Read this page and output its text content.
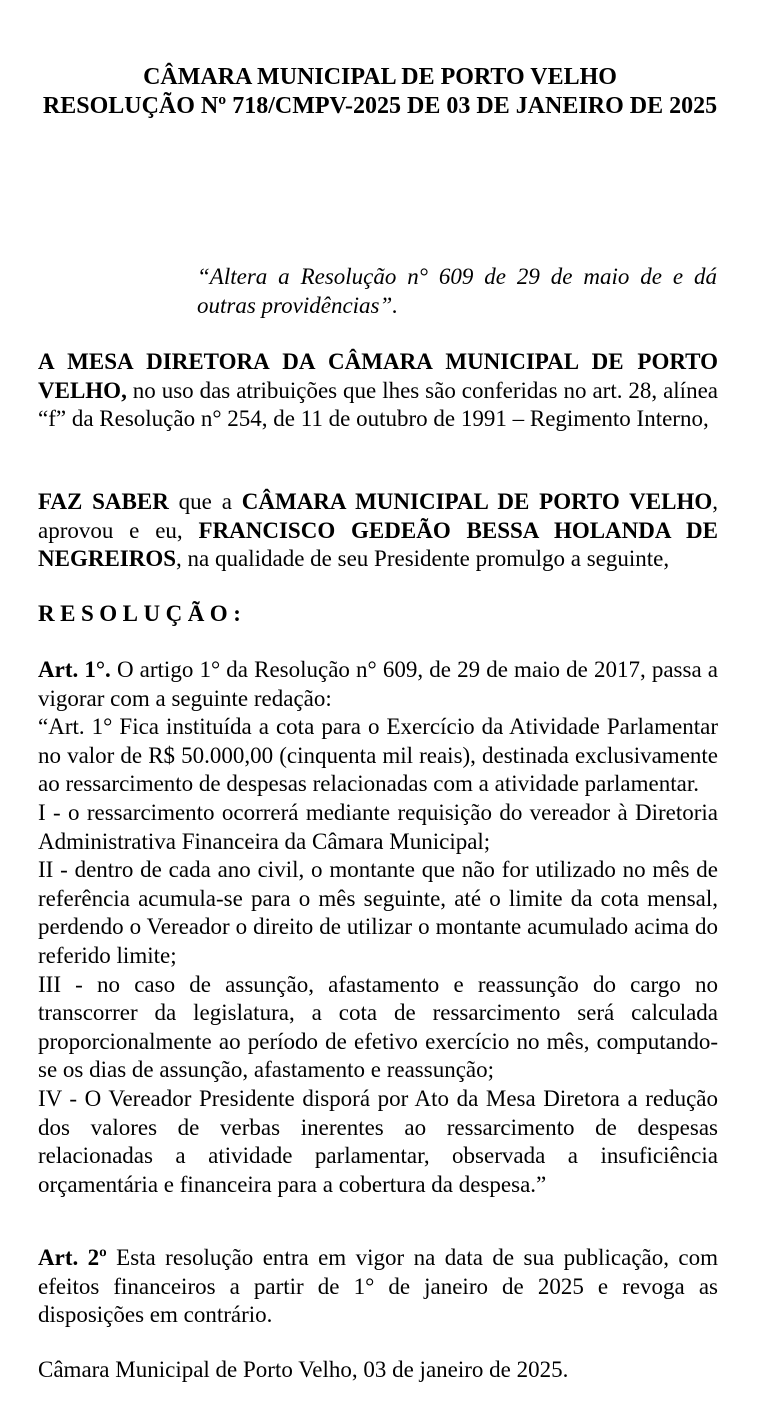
CÂMARA MUNICIPAL DE PORTO VELHO
RESOLUÇÃO Nº 718/CMPV-2025 DE 03 DE JANEIRO DE 2025
“Altera a Resolução n° 609 de 29 de maio de e dá outras providências”.
A MESA DIRETORA DA CÂMARA MUNICIPAL DE PORTO VELHO, no uso das atribuições que lhes são conferidas no art. 28, alínea “f” da Resolução n° 254, de 11 de outubro de 1991 – Regimento Interno,
FAZ SABER que a CÂMARA MUNICIPAL DE PORTO VELHO, aprovou e eu, FRANCISCO GEDEÃO BESSA HOLANDA DE NEGREIROS, na qualidade de seu Presidente promulgo a seguinte,
RESOLUÇÃO:
Art. 1°. O artigo 1° da Resolução n° 609, de 29 de maio de 2017, passa a vigorar com a seguinte redação:
“Art. 1° Fica instituída a cota para o Exercício da Atividade Parlamentar no valor de R$ 50.000,00 (cinquenta mil reais), destinada exclusivamente ao ressarcimento de despesas relacionadas com a atividade parlamentar.
I - o ressarcimento ocorrerá mediante requisição do vereador à Diretoria Administrativa Financeira da Câmara Municipal;
II - dentro de cada ano civil, o montante que não for utilizado no mês de referência acumula-se para o mês seguinte, até o limite da cota mensal, perdendo o Vereador o direito de utilizar o montante acumulado acima do referido limite;
III - no caso de assunção, afastamento e reassunção do cargo no transcorrer da legislatura, a cota de ressarcimento será calculada proporcionalmente ao período de efetivo exercício no mês, computando-se os dias de assunção, afastamento e reassunção;
IV - O Vereador Presidente disporá por Ato da Mesa Diretora a redução dos valores de verbas inerentes ao ressarcimento de despesas relacionadas a atividade parlamentar, observada a insuficiência orçamentária e financeira para a cobertura da despesa.”
Art. 2º Esta resolução entra em vigor na data de sua publicação, com efeitos financeiros a partir de 1° de janeiro de 2025 e revoga as disposições em contrário.
Câmara Municipal de Porto Velho, 03 de janeiro de 2025.
